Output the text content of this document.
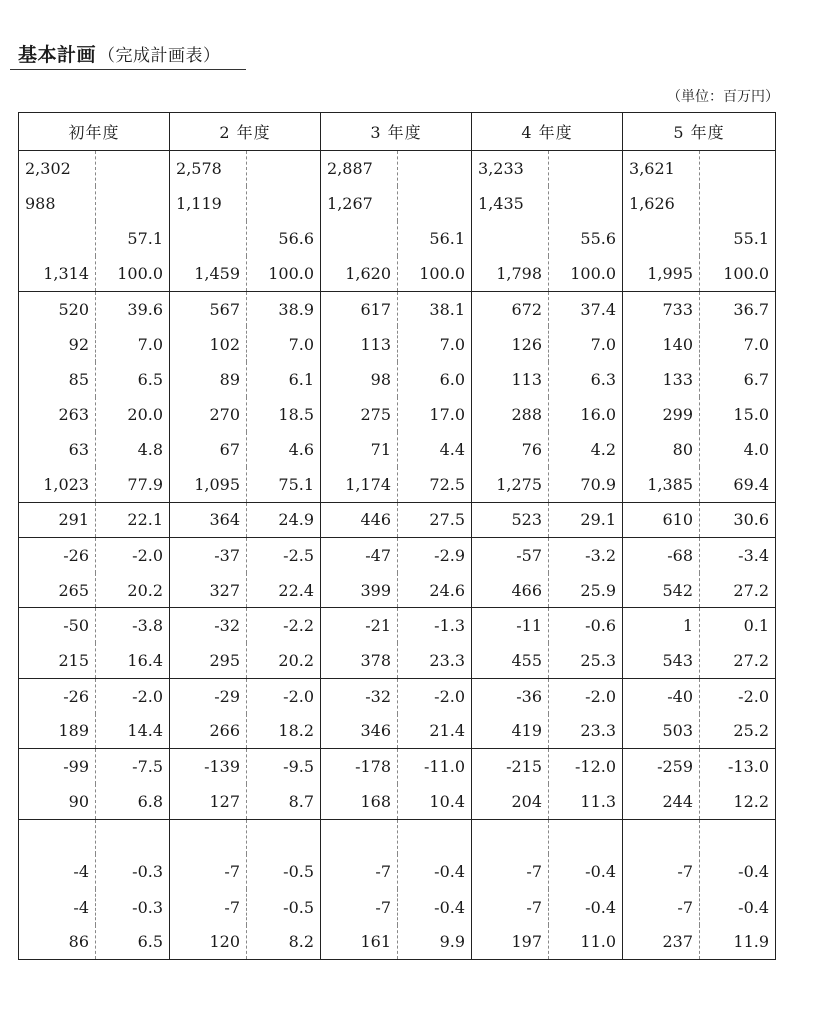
基本計画 （完成計画表）
（単位：百万円）
初年度		2 年度		3 年度		4 年度		5 年度	
2,302		2,578		2,887		3,233		3,621	
988		1,119		1,267		1,435		1,626	
	57.1		56.6		56.1		55.6		55.1
1,314	100.0	1,459	100.0	1,620	100.0	1,798	100.0	1,995	100.0
520	39.6	567	38.9	617	38.1	672	37.4	733	36.7
92	7.0	102	7.0	113	7.0	126	7.0	140	7.0
85	6.5	89	6.1	98	6.0	113	6.3	133	6.7
263	20.0	270	18.5	275	17.0	288	16.0	299	15.0
63	4.8	67	4.6	71	4.4	76	4.2	80	4.0
1,023	77.9	1,095	75.1	1,174	72.5	1,275	70.9	1,385	69.4
291	22.1	364	24.9	446	27.5	523	29.1	610	30.6
-26	-2.0	-37	-2.5	-47	-2.9	-57	-3.2	-68	-3.4
265	20.2	327	22.4	399	24.6	466	25.9	542	27.2
-50	-3.8	-32	-2.2	-21	-1.3	-11	-0.6	1	0.1
215	16.4	295	20.2	378	23.3	455	25.3	543	27.2
-26	-2.0	-29	-2.0	-32	-2.0	-36	-2.0	-40	-2.0
189	14.4	266	18.2	346	21.4	419	23.3	503	25.2
-99	-7.5	-139	-9.5	-178	-11.0	-215	-12.0	-259	-13.0
90	6.8	127	8.7	168	10.4	204	11.3	244	12.2

-4	-0.3	-7	-0.5	-7	-0.4	-7	-0.4	-7	-0.4
-4	-0.3	-7	-0.5	-7	-0.4	-7	-0.4	-7	-0.4
86	6.5	120	8.2	161	9.9	197	11.0	237	11.9
